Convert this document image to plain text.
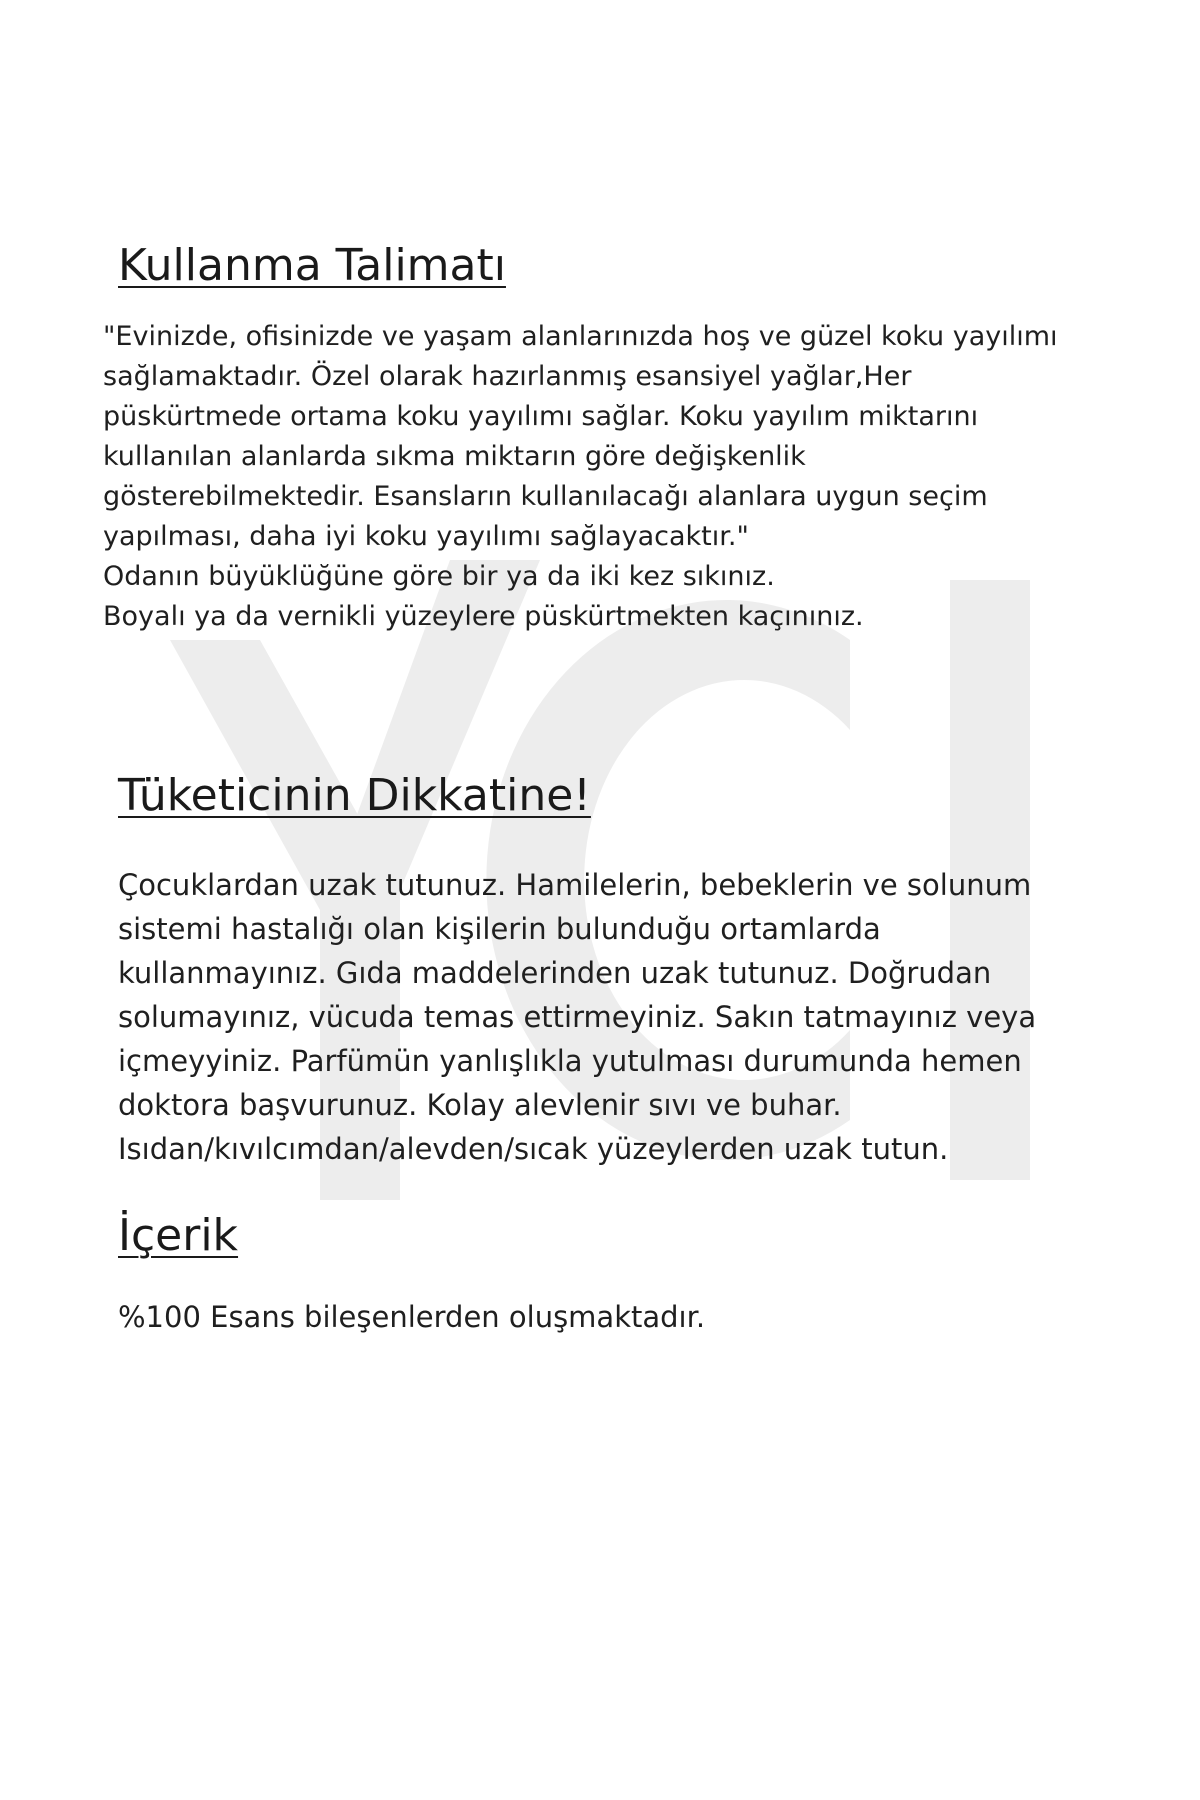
Kullanma Talimatı
"Evinizde, ofisinizde ve yaşam alanlarınızda hoş ve güzel koku yayılımı
sağlamaktadır. Özel olarak hazırlanmış esansiyel yağlar,Her
püskürtmede ortama koku yayılımı sağlar. Koku yayılım miktarını
kullanılan alanlarda sıkma miktarın göre değişkenlik
gösterebilmektedir. Esansların kullanılacağı alanlara uygun seçim
yapılması, daha iyi koku yayılımı sağlayacaktır."
Odanın büyüklüğüne göre bir ya da iki kez sıkınız.
Boyalı ya da vernikli yüzeylere püskürtmekten kaçınınız.
Tüketicinin Dikkatine!
Çocuklardan uzak tutunuz. Hamilelerin, bebeklerin ve solunum
sistemi hastalığı olan kişilerin bulunduğu ortamlarda
kullanmayınız. Gıda maddelerinden uzak tutunuz. Doğrudan
solumayınız, vücuda temas ettirmeyiniz. Sakın tatmayınız veya
içmeyyiniz. Parfümün yanlışlıkla yutulması durumunda hemen
doktora başvurunuz. Kolay alevlenir sıvı ve buhar.
Isıdan/kıvılcımdan/alevden/sıcak yüzeylerden uzak tutun.
İçerik
%100 Esans bileşenlerden oluşmaktadır.
